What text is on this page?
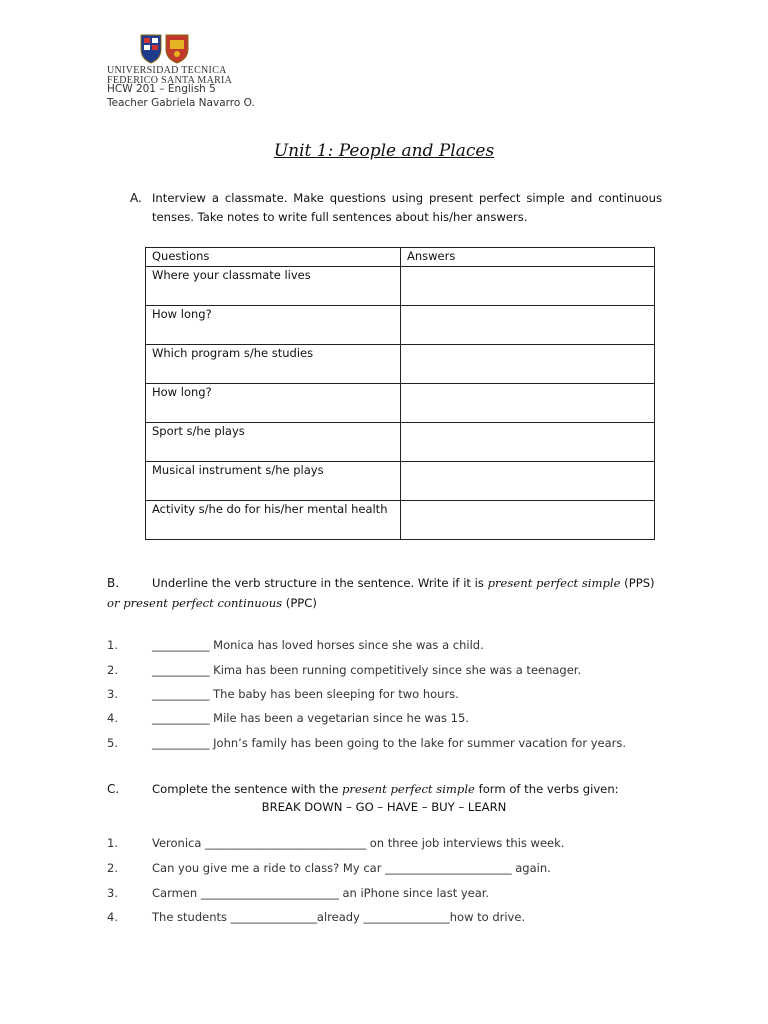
UNIVERSIDAD TECNICA
FEDERICO SANTA MARIA
HCW 201 – English 5
Teacher Gabriela Navarro O.
Unit 1: People and Places
A. Interview a classmate. Make questions using present perfect simple and continuous
tenses. Take notes to write full sentences about his/her answers.
Questions	Answers
Where your classmate lives	
How long?	
Which program s/he studies	
How long?	
Sport s/he plays	
Musical instrument s/he plays	
Activity s/he do for his/her mental health	
B.	Underline the verb structure in the sentence. Write if it is present perfect simple (PPS)
or present perfect continuous (PPC)
1.	__________ Monica has loved horses since she was a child.
2.	__________ Kima has been running competitively since she was a teenager.
3.	__________ The baby has been sleeping for two hours.
4.	__________ Mile has been a vegetarian since he was 15.
5.	__________ John’s family has been going to the lake for summer vacation for years.
C.	Complete the sentence with the present perfect simple form of the verbs given:
BREAK DOWN – GO – HAVE – BUY – LEARN
1.	Veronica ____________________________ on three job interviews this week.
2.	Can you give me a ride to class? My car ______________________ again.
3.	Carmen ________________________ an iPhone since last year.
4.	The students _______________already _______________how to drive.
